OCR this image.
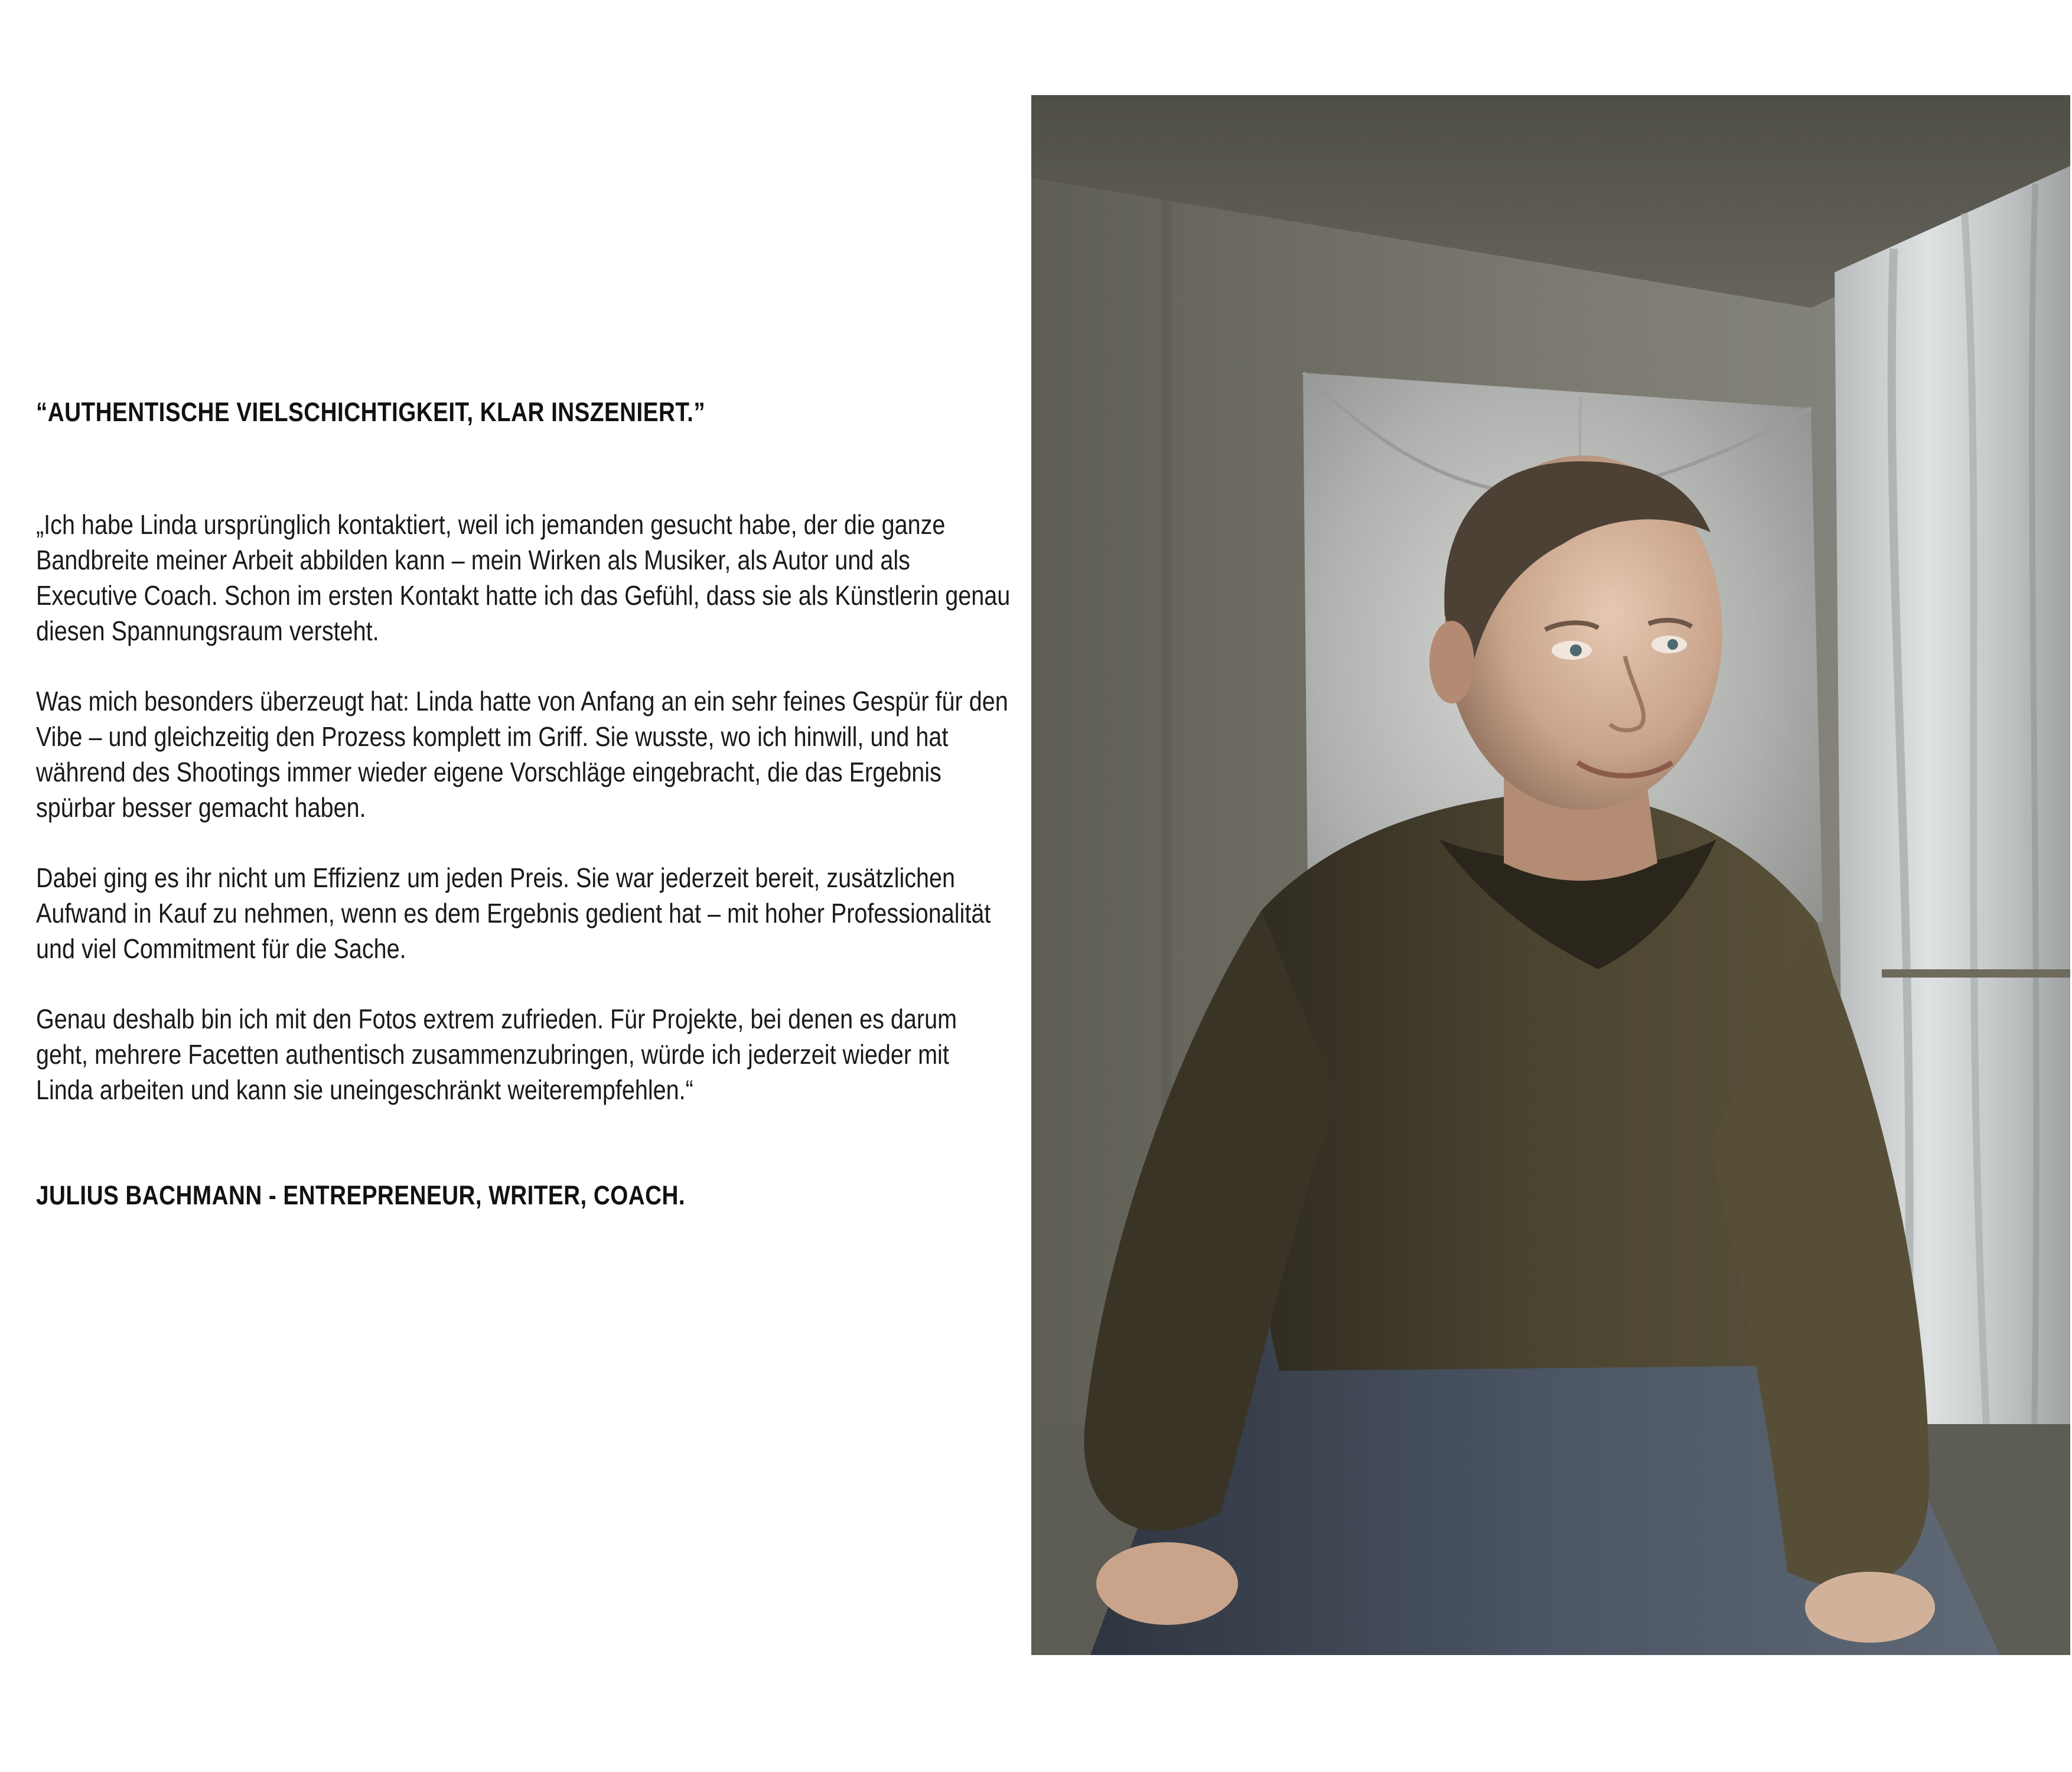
“AUTHENTISCHE VIELSCHICHTIGKEIT, KLAR INSZENIERT.”

„Ich habe Linda ursprünglich kontaktiert, weil ich jemanden gesucht habe, der die ganze Bandbreite meiner Arbeit abbilden kann – mein Wirken als Musiker, als Autor und als Executive Coach. Schon im ersten Kontakt hatte ich das Gefühl, dass sie als Künstlerin genau diesen Spannungsraum versteht.

Was mich besonders überzeugt hat: Linda hatte von Anfang an ein sehr feines Gespür für den Vibe – und gleichzeitig den Prozess komplett im Griff. Sie wusste, wo ich hinwill, und hat während des Shootings immer wieder eigene Vorschläge eingebracht, die das Ergebnis spürbar besser gemacht haben.

Dabei ging es ihr nicht um Effizienz um jeden Preis. Sie war jederzeit bereit, zusätzlichen Aufwand in Kauf zu nehmen, wenn es dem Ergebnis gedient hat – mit hoher Professionalität und viel Commitment für die Sache.

Genau deshalb bin ich mit den Fotos extrem zufrieden. Für Projekte, bei denen es darum geht, mehrere Facetten authentisch zusammenzubringen, würde ich jederzeit wieder mit Linda arbeiten und kann sie uneingeschränkt weiterempfehlen.“

JULIUS BACHMANN - ENTREPRENEUR, WRITER, COACH.
